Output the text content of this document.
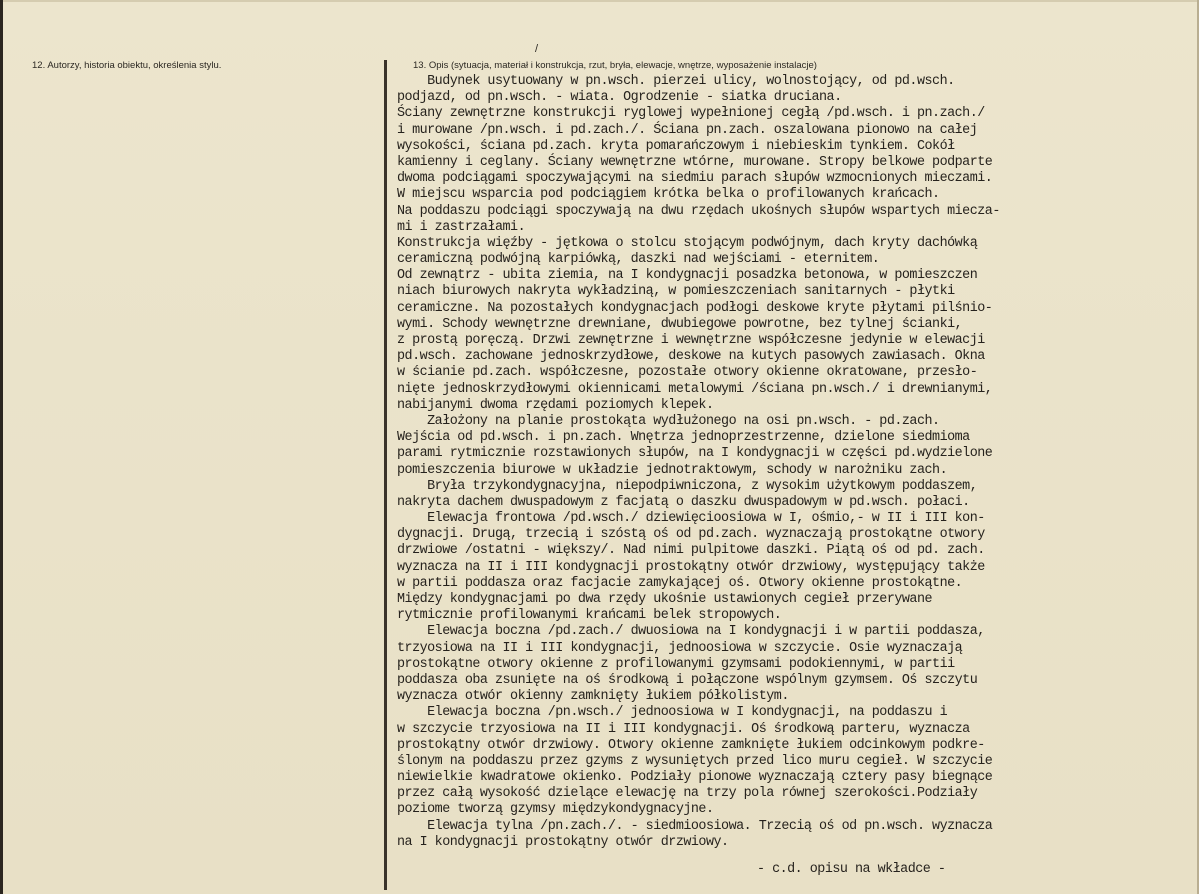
12. Autorzy, historia obiektu, określenia stylu.

/

13. Opis (sytuacja, materiał i konstrukcja, rzut, bryła, elewacje, wnętrze, wyposażenie instalacje)

Budynek usytuowany w pn.wsch. pierzei ulicy, wolnostojący, od pd.wsch.
podjazd, od pn.wsch. - wiata. Ogrodzenie - siatka druciana.
Ściany zewnętrzne konstrukcji ryglowej wypełnionej cegłą /pd.wsch. i pn.zach./
i murowane /pn.wsch. i pd.zach./. Ściana pn.zach. oszalowana pionowo na całej
wysokości, ściana pd.zach. kryta pomarańczowym i niebieskim tynkiem. Cokół
kamienny i ceglany. Ściany wewnętrzne wtórne, murowane. Stropy belkowe podparte
dwoma podciągami spoczywającymi na siedmiu parach słupów wzmocnionych mieczami.
W miejscu wsparcia pod podciągiem krótka belka o profilowanych krańcach.
Na poddaszu podciągi spoczywają na dwu rzędach ukośnych słupów wspartych miecza-
mi i zastrzałami.
Konstrukcja więźby - jętkowa o stolcu stojącym podwójnym, dach kryty dachówką
ceramiczną podwójną karpiówką, daszki nad wejściami - eternitem.
Od zewnątrz - ubita ziemia, na I kondygnacji posadzka betonowa, w pomieszczen
niach biurowych nakryta wykładziną, w pomieszczeniach sanitarnych - płytki
ceramiczne. Na pozostałych kondygnacjach podłogi deskowe kryte płytami pilśnio-
wymi. Schody wewnętrzne drewniane, dwubiegowe powrotne, bez tylnej ścianki,
z prostą poręczą. Drzwi zewnętrzne i wewnętrzne współczesne jedynie w elewacji
pd.wsch. zachowane jednoskrzydłowe, deskowe na kutych pasowych zawiasach. Okna
w ścianie pd.zach. współczesne, pozostałe otwory okienne okratowane, przesło-
nięte jednoskrzydłowymi okiennicami metalowymi /ściana pn.wsch./ i drewnianymi,
nabijanymi dwoma rzędami poziomych klepek.
Założony na planie prostokąta wydłużonego na osi pn.wsch. - pd.zach.
Wejścia od pd.wsch. i pn.zach. Wnętrza jednoprzestrzenne, dzielone siedmioma
parami rytmicznie rozstawionych słupów, na I kondygnacji w części pd.wydzielone
pomieszczenia biurowe w układzie jednotraktowym, schody w narożniku zach.
Bryła trzykondygnacyjna, niepodpiwniczona, z wysokim użytkowym poddaszem,
nakryta dachem dwuspadowym z facjatą o daszku dwuspadowym w pd.wsch. połaci.
Elewacja frontowa /pd.wsch./ dziewięcioosiowa w I, ośmio,- w II i III kon-
dygnacji. Drugą, trzecią i szóstą oś od pd.zach. wyznaczają prostokątne otwory
drzwiowe /ostatni - większy/. Nad nimi pulpitowe daszki. Piątą oś od pd. zach.
wyznacza na II i III kondygnacji prostokątny otwór drzwiowy, występujący także
w partii poddasza oraz facjacie zamykającej oś. Otwory okienne prostokątne.
Między kondygnacjami po dwa rzędy ukośnie ustawionych cegieł przerywane
rytmicznie profilowanymi krańcami belek stropowych.
Elewacja boczna /pd.zach./ dwuosiowa na I kondygnacji i w partii poddasza,
trzyosiowa na II i III kondygnacji, jednoosiowa w szczycie. Osie wyznaczają
prostokątne otwory okienne z profilowanymi gzymsami podokiennymi, w partii
poddasza oba zsunięte na oś środkową i połączone wspólnym gzymsem. Oś szczytu
wyznacza otwór okienny zamknięty łukiem półkolistym.
Elewacja boczna /pn.wsch./ jednoosiowa w I kondygnacji, na poddaszu i
w szczycie trzyosiowa na II i III kondygnacji. Oś środkową parteru, wyznacza
prostokątny otwór drzwiowy. Otwory okienne zamknięte łukiem odcinkowym podkre-
ślonym na poddaszu przez gzyms z wysuniętych przed lico muru cegieł. W szczycie
niewielkie kwadratowe okienko. Podziały pionowe wyznaczają cztery pasy biegnące
przez całą wysokość dzielące elewację na trzy pola równej szerokości.Podziały
poziome tworzą gzymsy międzykondygnacyjne.
Elewacja tylna /pn.zach./. - siedmioosiowa. Trzecią oś od pn.wsch. wyznacza
na I kondygnacji prostokątny otwór drzwiowy.

- c.d. opisu na wkładce -
